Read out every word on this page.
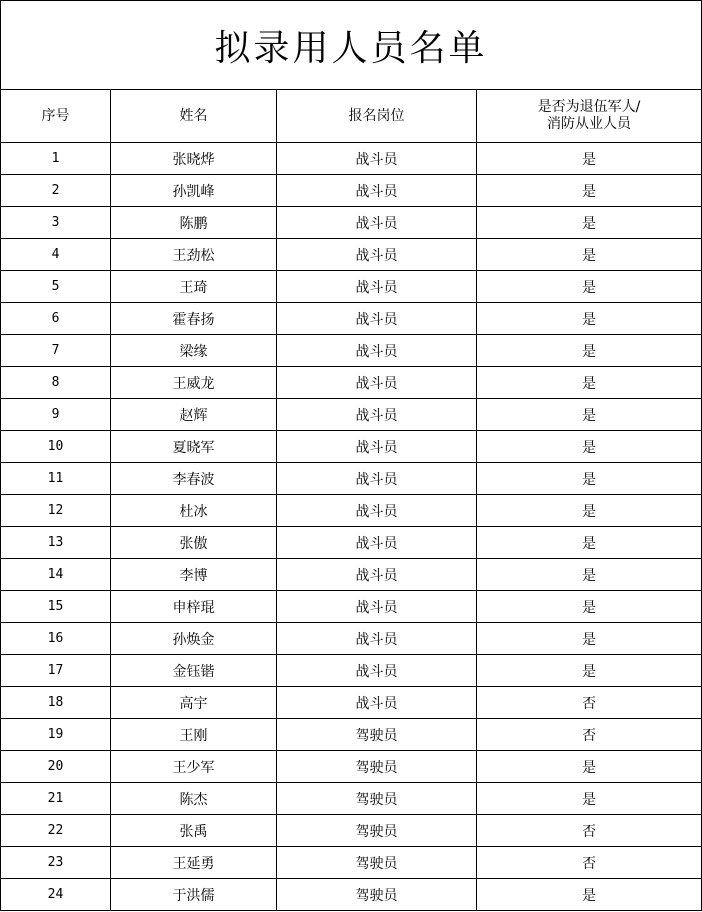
拟录用人员名单			
序号	姓名	报名岗位	是否为退伍军人/
消防从业人员
1	张晓烨	战斗员	是
2	孙凯峰	战斗员	是
3	陈鹏	战斗员	是
4	王劲松	战斗员	是
5	王琦	战斗员	是
6	霍春扬	战斗员	是
7	梁缘	战斗员	是
8	王威龙	战斗员	是
9	赵辉	战斗员	是
10	夏晓军	战斗员	是
11	李春波	战斗员	是
12	杜冰	战斗员	是
13	张傲	战斗员	是
14	李博	战斗员	是
15	申梓琨	战斗员	是
16	孙焕金	战斗员	是
17	金钰锴	战斗员	是
18	高宇	战斗员	否
19	王刚	驾驶员	否
20	王少军	驾驶员	是
21	陈杰	驾驶员	是
22	张禹	驾驶员	否
23	王延勇	驾驶员	否
24	于洪儒	驾驶员	是
